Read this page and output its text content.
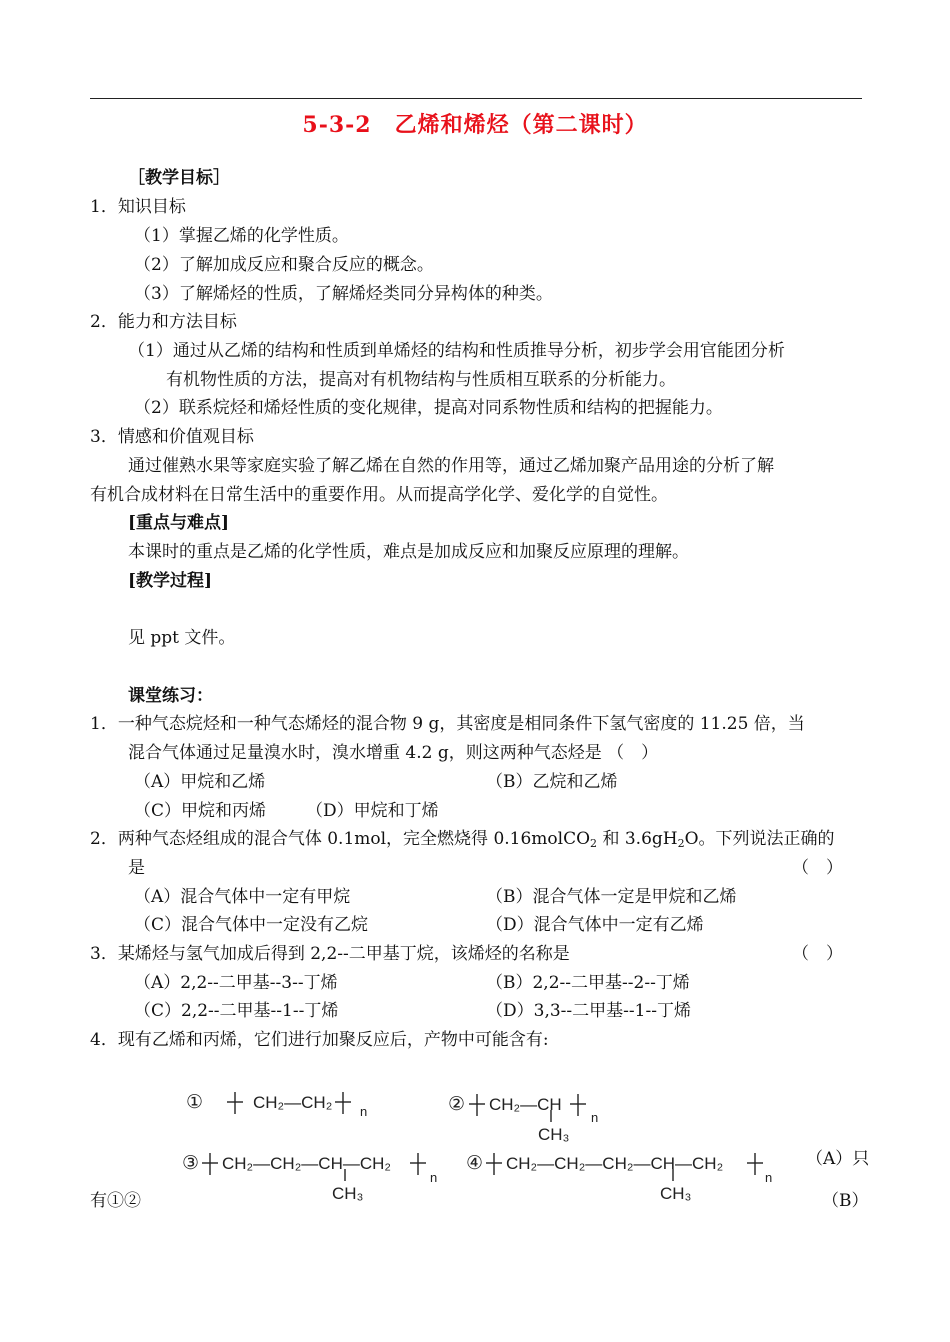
5-3-2　乙烯和烯烃（第二课时）
［教学目标］
1．知识目标
（1）掌握乙烯的化学性质。
（2）了解加成反应和聚合反应的概念。
（3）了解烯烃的性质，了解烯烃类同分异构体的种类。
2．能力和方法目标
（1）通过从乙烯的结构和性质到单烯烃的结构和性质推导分析，初步学会用官能团分析
有机物性质的方法，提高对有机物结构与性质相互联系的分析能力。
（2）联系烷烃和烯烃性质的变化规律，提高对同系物性质和结构的把握能力。
3．情感和价值观目标
通过催熟水果等家庭实验了解乙烯在自然的作用等，通过乙烯加聚产品用途的分析了解
有机合成材料在日常生活中的重要作用。从而提高学化学、爱化学的自觉性。
[重点与难点]
本课时的重点是乙烯的化学性质，难点是加成反应和加聚反应原理的理解。
[教学过程]
见 ppt 文件。
课堂练习：
1．一种气态烷烃和一种气态烯烃的混合物 9 g，其密度是相同条件下氢气密度的 11.25 倍，当
混合气体通过足量溴水时，溴水增重 4.2 g，则这两种气态烃是 （　）
（A）甲烷和乙烯	（B）乙烷和乙烯
（C）甲烷和丙烯 （D）甲烷和丁烯
2．两种气态烃组成的混合气体 0.1mol，完全燃烧得 0.16molCO$_2$ 和 $3.6gH_2O$。下列说法正确的
是	（　）
（A）混合气体中一定有甲烷	（B）混合气体一定是甲烷和乙烯
（C）混合气体中一定没有乙烷	（D）混合气体中一定有乙烯
3．某烯烃与氢气加成后得到 2,2--二甲基丁烷，该烯烃的名称是	（　）
（A）2,2--二甲基--3--丁烯	（B）2,2--二甲基--2--丁烯
（C）2,2--二甲基--1--丁烯	（D）3,3--二甲基--1--丁烯
4．现有乙烯和丙烯，它们进行加聚反应后，产物中可能含有:
①	CH₂—CH₂ n	② CH₂—CH
CH₃
n
③ CH₂—CH₂—CH—CH₂
CH₃
n
④ CH₂—CH₂—CH₂—CH—CH₂
CH₃
n
（A）只
有①②	（B）
